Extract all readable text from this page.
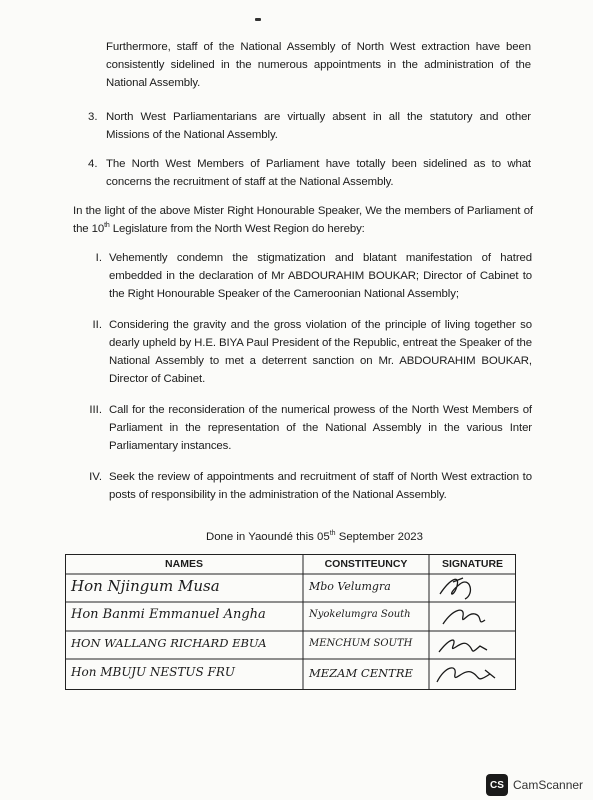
Furthermore, staff of the National Assembly of North West extraction have been consistently sidelined in the numerous appointments in the administration of the National Assembly.
3. North West Parliamentarians are virtually absent in all the statutory and other Missions of the National Assembly.
4. The North West Members of Parliament have totally been sidelined as to what concerns the recruitment of staff at the National Assembly.
In the light of the above Mister Right Honourable Speaker, We the members of Parliament of the 10th Legislature from the North West Region do hereby:
I. Vehemently condemn the stigmatization and blatant manifestation of hatred embedded in the declaration of Mr ABDOURAHIM BOUKAR; Director of Cabinet to the Right Honourable Speaker of the Cameroonian National Assembly;
II. Considering the gravity and the gross violation of the principle of living together so dearly upheld by H.E. BIYA Paul President of the Republic, entreat the Speaker of the National Assembly to met a deterrent sanction on Mr. ABDOURAHIM BOUKAR, Director of Cabinet.
III. Call for the reconsideration of the numerical prowess of the North West Members of Parliament in the representation of the National Assembly in the various Inter Parliamentary instances.
IV. Seek the review of appointments and recruitment of staff of North West extraction to posts of responsibility in the administration of the National Assembly.
Done in Yaoundé this 05th September 2023
NAMES	CONSTITEUNCY	SIGNATURE
Hon Njingum Musa	Mbo Velumgra
Hon Banmi Emmanuel Angha	Nyokelumgra South
HON WALLANG RICHARD EBUA	MENCHUM SOUTH
Hon MBUJU NESTUS FRU	MEZAM CENTRE
CS CamScanner
